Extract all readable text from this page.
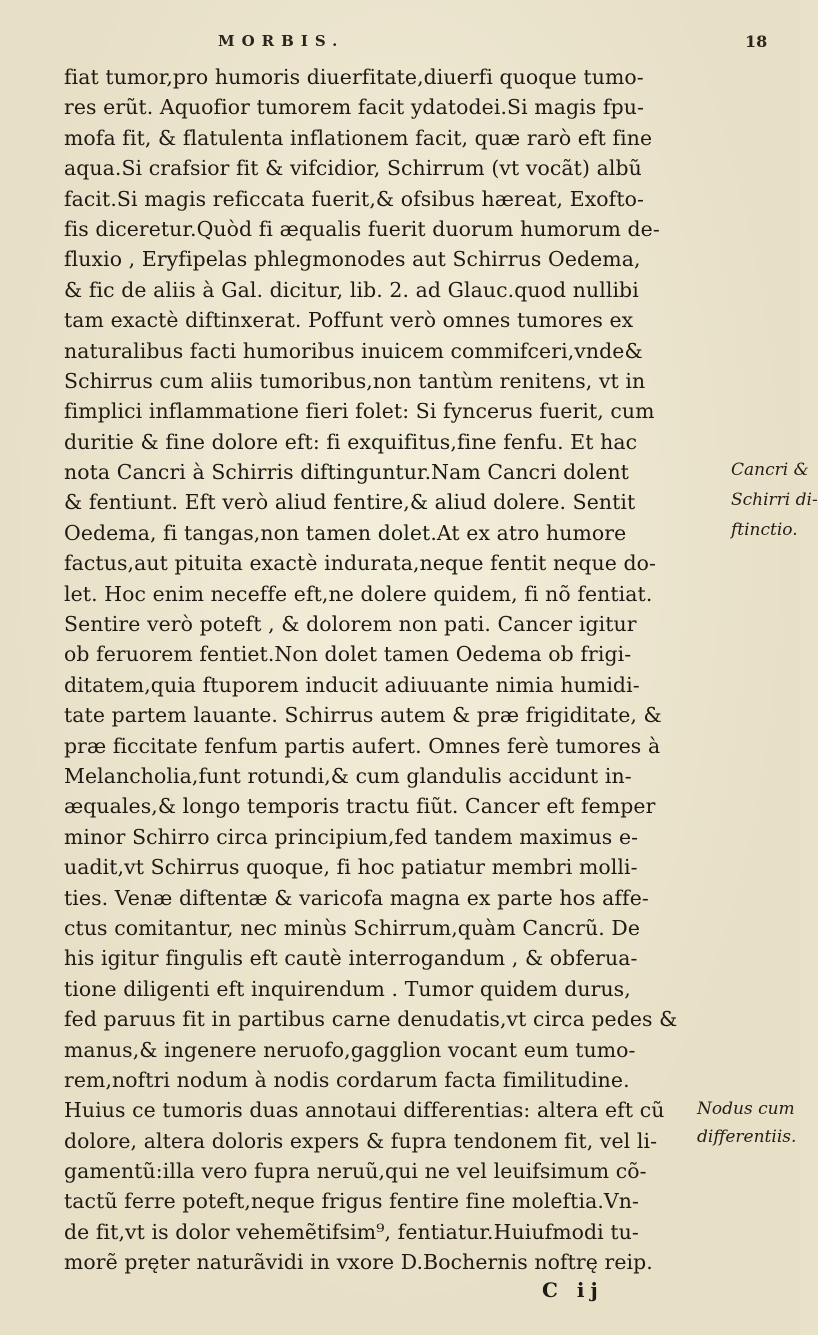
MORBIS.	18
fiat tumor,pro humoris diuerfitate,diuerfi quoque tumo-
res erũt. Aquofior tumorem facit ydatodei.Si magis fpu-
mofa fit, & flatulenta inflationem facit, quæ rarò eft fine
aqua.Si crafsior fit & vifcidior, Schirrum (vt vocãt) albũ
facit.Si magis reficcata fuerit,& ofsibus hæreat, Exofto-
fis diceretur.Quòd fi æqualis fuerit duorum humorum de-
fluxio , Eryfipelas phlegmonodes aut Schirrus Oedema,
& fic de aliis à Gal. dicitur, lib. 2. ad Glauc.quod nullibi
tam exactè diftinxerat. Poffunt verò omnes tumores ex
naturalibus facti humoribus inuicem commifceri,vnde&
Schirrus cum aliis tumoribus,non tantùm renitens, vt in
fimplici inflammatione fieri folet: Si fyncerus fuerit, cum
duritie & fine dolore eft: fi exquifitus,fine fenfu. Et hac
nota Cancri à Schirris diftinguntur.Nam Cancri dolent
& fentiunt. Eft verò aliud fentire,& aliud dolere. Sentit
Oedema, fi tangas,non tamen dolet.At ex atro humore
factus,aut pituita exactè indurata,neque fentit neque do-
let. Hoc enim neceffe eft,ne dolere quidem, fi nõ fentiat.
Sentire verò poteft , & dolorem non pati. Cancer igitur
ob feruorem fentiet.Non dolet tamen Oedema ob frigi-
ditatem,quia ftuporem inducit adiuuante nimia humidi-
tate partem lauante. Schirrus autem & præ frigiditate, &
præ ficcitate fenfum partis aufert. Omnes ferè tumores à
Melancholia,funt rotundi,& cum glandulis accidunt in-
æquales,& longo temporis tractu fiũt. Cancer eft femper
minor Schirro circa principium,fed tandem maximus e-
uadit,vt Schirrus quoque, fi hoc patiatur membri molli-
ties. Venæ diftentæ & varicofa magna ex parte hos affe-
ctus comitantur, nec minùs Schirrum,quàm Cancrũ. De
his igitur fingulis eft cautè interrogandum , & obferua-
tione diligenti eft inquirendum . Tumor quidem durus,
fed paruus fit in partibus carne denudatis,vt circa pedes &
manus,& ingenere neruofo,gagglion vocant eum tumo-
rem,noftri nodum à nodis cordarum facta fimilitudine.
Huius ce tumoris duas annotaui differentias: altera eft cũ
dolore, altera doloris expers & fupra tendonem fit, vel li-
gamentũ:illa vero fupra neruũ,qui ne vel leuifsimum cõ-
tactũ ferre poteft,neque frigus fentire fine moleftia.Vn-
de fit,vt is dolor vehemẽtifsim⁹, fentiatur.Huiufmodi tu-
morẽ pręter naturãvidi in vxore D.Bochernis noftrę reip.
Cancri &
Schirri di-
ftinctio.
Nodus cum
differentiis.
C ij
